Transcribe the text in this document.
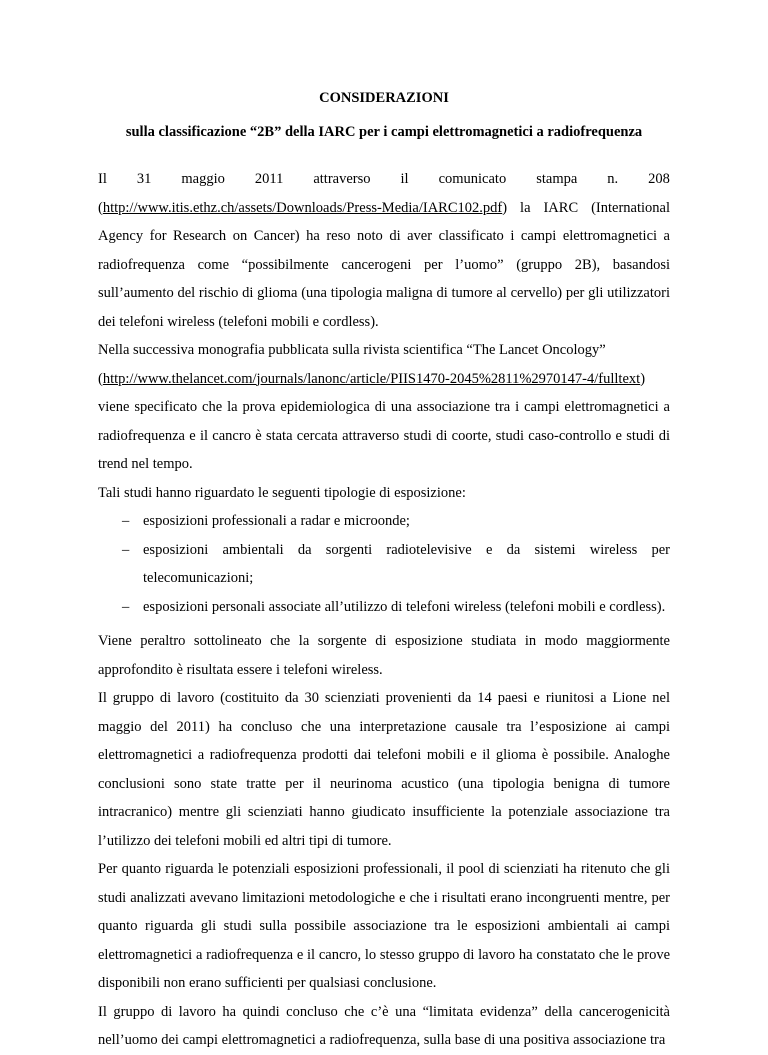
CONSIDERAZIONI

sulla classificazione “2B” della IARC per i campi elettromagnetici a radiofrequenza

Il 31 maggio 2011 attraverso il comunicato stampa n. 208

(http://www.itis.ethz.ch/assets/Downloads/Press-Media/IARC102.pdf) la IARC (International Agency for Research on Cancer) ha reso noto di aver classificato i campi elettromagnetici a radiofrequenza come “possibilmente cancerogeni per l’uomo” (gruppo 2B), basandosi sull’aumento del rischio di glioma (una tipologia maligna di tumore al cervello) per gli utilizzatori dei telefoni wireless (telefoni mobili e cordless).

Nella successiva monografia pubblicata sulla rivista scientifica “The Lancet Oncology”
(http://www.thelancet.com/journals/lanonc/article/PIIS1470-2045%2811%2970147-4/fulltext)
viene specificato che la prova epidemiologica di una associazione tra i campi elettromagnetici a radiofrequenza e il cancro è stata cercata attraverso studi di coorte, studi caso-controllo e studi di trend nel tempo.

Tali studi hanno riguardato le seguenti tipologie di esposizione:

– esposizioni professionali a radar e microonde;
– esposizioni ambientali da sorgenti radiotelevisive e da sistemi wireless per
telecomunicazioni;
– esposizioni personali associate all’utilizzo di telefoni wireless (telefoni mobili e cordless).

Viene peraltro sottolineato che la sorgente di esposizione studiata in modo maggiormente approfondito è risultata essere i telefoni wireless.

Il gruppo di lavoro (costituito da 30 scienziati provenienti da 14 paesi e riunitosi a Lione nel maggio del 2011) ha concluso che una interpretazione causale tra l’esposizione ai campi elettromagnetici a radiofrequenza prodotti dai telefoni mobili e il glioma è possibile. Analoghe conclusioni sono state tratte per il neurinoma acustico (una tipologia benigna di tumore intracranico) mentre gli scienziati hanno giudicato insufficiente la potenziale associazione tra l’utilizzo dei telefoni mobili ed altri tipi di tumore.

Per quanto riguarda le potenziali esposizioni professionali, il pool di scienziati ha ritenuto che gli studi analizzati avevano limitazioni metodologiche e che i risultati erano incongruenti mentre, per quanto riguarda gli studi sulla possibile associazione tra le esposizioni ambientali ai campi elettromagnetici a radiofrequenza e il cancro, lo stesso gruppo di lavoro ha constatato che le prove disponibili non erano sufficienti per qualsiasi conclusione.

Il gruppo di lavoro ha quindi concluso che c’è una “limitata evidenza” della cancerogenicità nell’uomo dei campi elettromagnetici a radiofrequenza, sulla base di una positiva associazione tra
